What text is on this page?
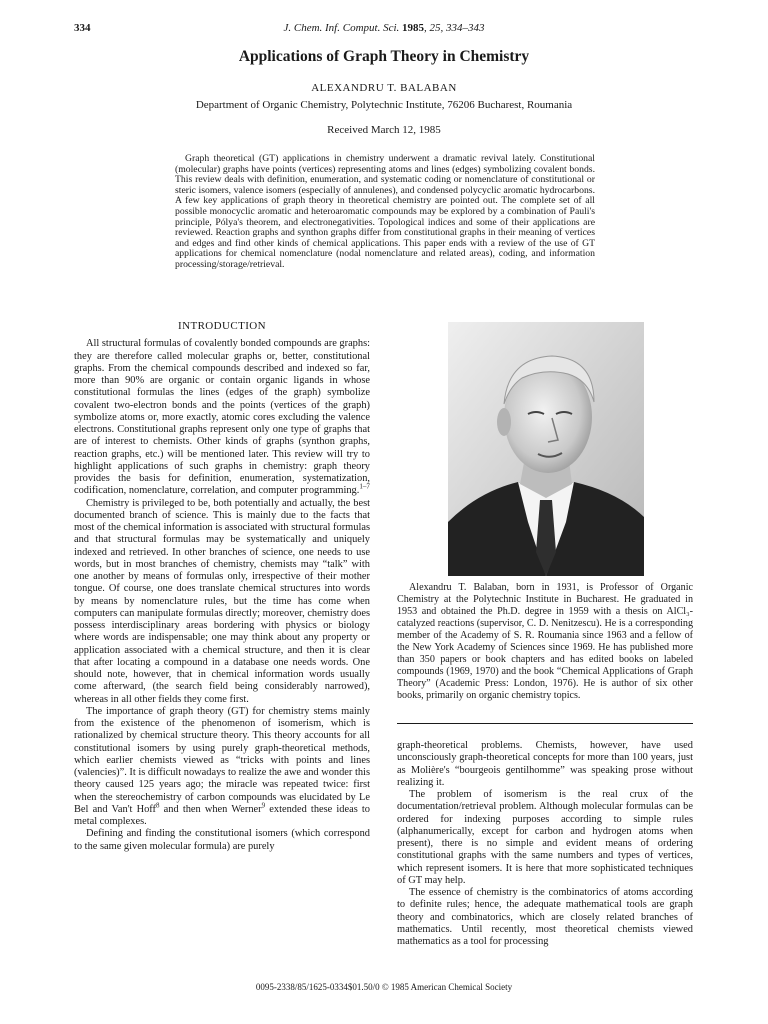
334	J. Chem. Inf. Comput. Sci. 1985, 25, 334–343
Applications of Graph Theory in Chemistry
ALEXANDRU T. BALABAN
Department of Organic Chemistry, Polytechnic Institute, 76206 Bucharest, Roumania
Received March 12, 1985
Graph theoretical (GT) applications in chemistry underwent a dramatic revival lately. Constitutional (molecular) graphs have points (vertices) representing atoms and lines (edges) symbolizing covalent bonds. This review deals with definition, enumeration, and systematic coding or nomenclature of constitutional or steric isomers, valence isomers (especially of annulenes), and condensed polycyclic aromatic hydrocarbons. A few key applications of graph theory in theoretical chemistry are pointed out. The complete set of all possible monocyclic aromatic and heteroaromatic compounds may be explored by a combination of Pauli's principle, Pólya's theorem, and electronegativities. Topological indices and some of their applications are reviewed. Reaction graphs and synthon graphs differ from constitutional graphs in their meaning of vertices and edges and find other kinds of chemical applications. This paper ends with a review of the use of GT applications for chemical nomenclature (nodal nomenclature and related areas), coding, and information processing/storage/retrieval.
INTRODUCTION

All structural formulas of covalently bonded compounds are graphs: they are therefore called molecular graphs or, better, constitutional graphs. From the chemical compounds described and indexed so far, more than 90% are organic or contain organic ligands in whose constitutional formulas the lines (edges of the graph) symbolize covalent two-electron bonds and the points (vertices of the graph) symbolize atoms or, more exactly, atomic cores excluding the valence electrons. Constitutional graphs represent only one type of graphs that are of interest to chemists. Other kinds of graphs (synthon graphs, reaction graphs, etc.) will be mentioned later. This review will try to highlight applications of such graphs in chemistry: graph theory provides the basis for definition, enumeration, systematization, codification, nomenclature, correlation, and computer programming.$^{1-7}$

Chemistry is privileged to be, both potentially and actually, the best documented branch of science. This is mainly due to the facts that most of the chemical information is associated with structural formulas and that structural formulas may be systematically and uniquely indexed and retrieved. In other branches of science, one needs to use words, but in most branches of chemistry, chemists may “talk” with one another by means of formulas only, irrespective of their mother tongue. Of course, one does translate chemical structures into words by means by nomenclature rules, but the time has come when computers can manipulate formulas directly; moreover, chemistry does possess interdisciplinary areas bordering with physics or biology where words are indispensable; one may think about any property or application associated with a chemical structure, and then it is clear that after locating a compound in a database one needs words. One should note, however, that in chemical information words usually come afterward, (the search field being considerably narrowed), whereas in all other fields they come first.

The importance of graph theory (GT) for chemistry stems mainly from the existence of the phenomenon of isomerism, which is rationalized by chemical structure theory. This theory accounts for all constitutional isomers by using purely graph-theoretical methods, which earlier chemists viewed as “tricks with points and lines (valencies)”. It is difficult nowadays to realize the awe and wonder this theory caused 125 years ago; the miracle was repeated twice: first when the stereochemistry of carbon compounds was elucidated by Le Bel and Van't Hoff$^8$ and then when Werner$^9$ extended these ideas to metal complexes.

Defining and finding the constitutional isomers (which correspond to the same given molecular formula) are purely

Alexandru T. Balaban, born in 1931, is Professor of Organic Chemistry at the Polytechnic Institute in Bucharest. He graduated in 1953 and obtained the Ph.D. degree in 1959 with a thesis on AlCl₃-catalyzed reactions (supervisor, C. D. Nenitzescu). He is a corresponding member of the Academy of S. R. Roumania since 1963 and a fellow of the New York Academy of Sciences since 1969. He has published more than 350 papers or book chapters and has edited books on labeled compounds (1969, 1970) and the book “Chemical Applications of Graph Theory” (Academic Press: London, 1976). He is author of six other books, primarily on organic chemistry topics.

graph-theoretical problems. Chemists, however, have used unconsciously graph-theoretical concepts for more than 100 years, just as Molière's “bourgeois gentilhomme” was speaking prose without realizing it.

The problem of isomerism is the real crux of the documentation/retrieval problem. Although molecular formulas can be ordered for indexing purposes according to simple rules (alphanumerically, except for carbon and hydrogen atoms when present), there is no simple and evident means of ordering constitutional graphs with the same numbers and types of vertices, which represent isomers. It is here that more sophisticated techniques of GT may help.

The essence of chemistry is the combinatorics of atoms according to definite rules; hence, the adequate mathematical tools are graph theory and combinatorics, which are closely related branches of mathematics. Until recently, most theoretical chemists viewed mathematics as a tool for processing

0095-2338/85/1625-0334$01.50/0 © 1985 American Chemical Society
